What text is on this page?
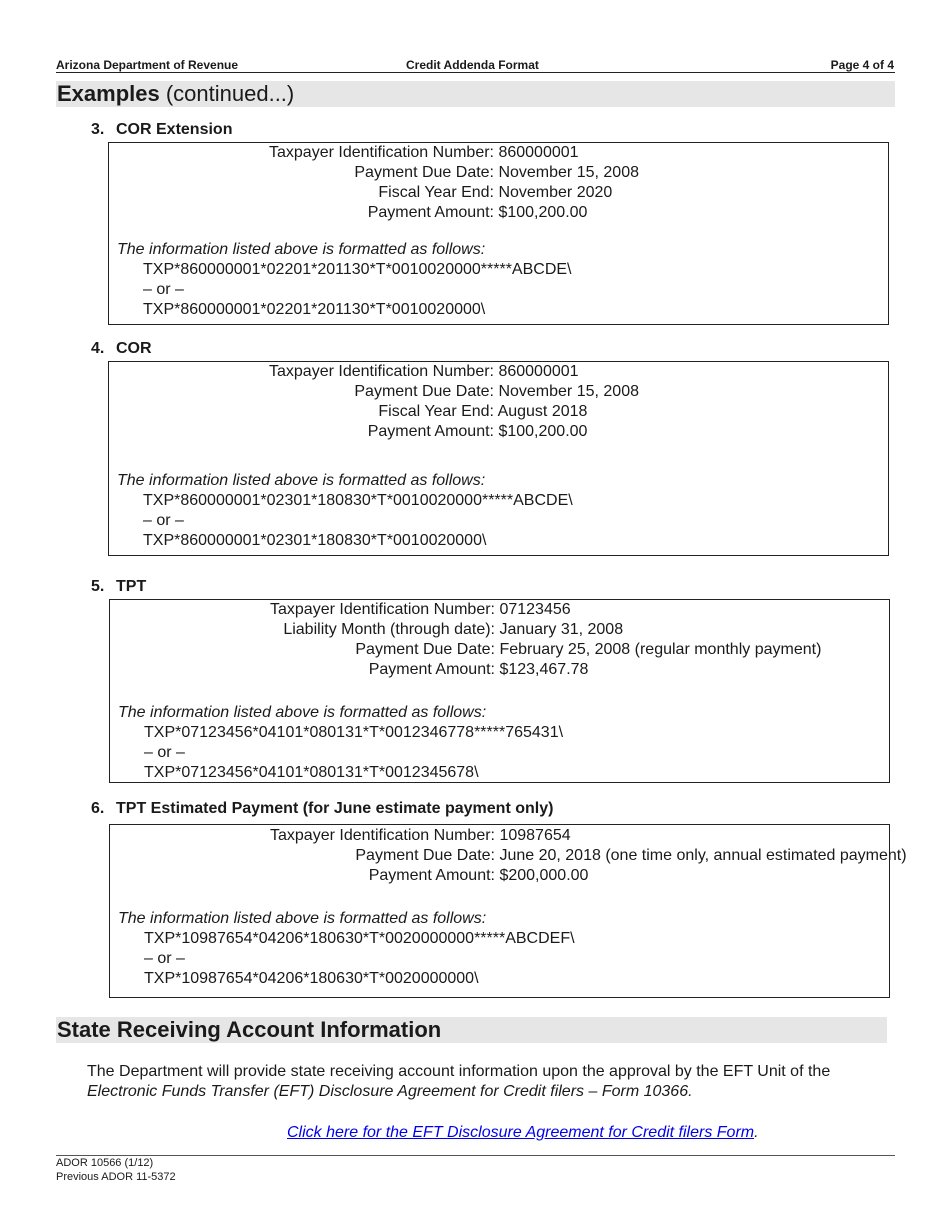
Arizona Department of Revenue	Credit Addenda Format	Page 4 of 4
Examples (continued...)
3. COR Extension
Taxpayer Identification Number: 860000001
Payment Due Date: November 15, 2008
Fiscal Year End: November 2020
Payment Amount: $100,200.00
The information listed above is formatted as follows:
TXP*860000001*02201*201130*T*0010020000*****ABCDE\
– or –
TXP*860000001*02201*201130*T*0010020000\
4. COR
Taxpayer Identification Number: 860000001
Payment Due Date: November 15, 2008
Fiscal Year End: August 2018
Payment Amount: $100,200.00
The information listed above is formatted as follows:
TXP*860000001*02301*180830*T*0010020000*****ABCDE\
– or –
TXP*860000001*02301*180830*T*0010020000\
5. TPT
Taxpayer Identification Number: 07123456
Liability Month (through date): January 31, 2008
Payment Due Date: February 25, 2008 (regular monthly payment)
Payment Amount: $123,467.78
The information listed above is formatted as follows:
TXP*07123456*04101*080131*T*0012346778*****765431\
– or –
TXP*07123456*04101*080131*T*0012345678\
6. TPT Estimated Payment (for June estimate payment only)
Taxpayer Identification Number: 10987654
Payment Due Date: June 20, 2018 (one time only, annual estimated payment)
Payment Amount: $200,000.00
The information listed above is formatted as follows:
TXP*10987654*04206*180630*T*0020000000*****ABCDEF\
– or –
TXP*10987654*04206*180630*T*0020000000\
State Receiving Account Information
The Department will provide state receiving account information upon the approval by the EFT Unit of the
Electronic Funds Transfer (EFT) Disclosure Agreement for Credit filers – Form 10366.
Click here for the EFT Disclosure Agreement for Credit filers Form.
ADOR 10566 (1/12)
Previous ADOR 11-5372
